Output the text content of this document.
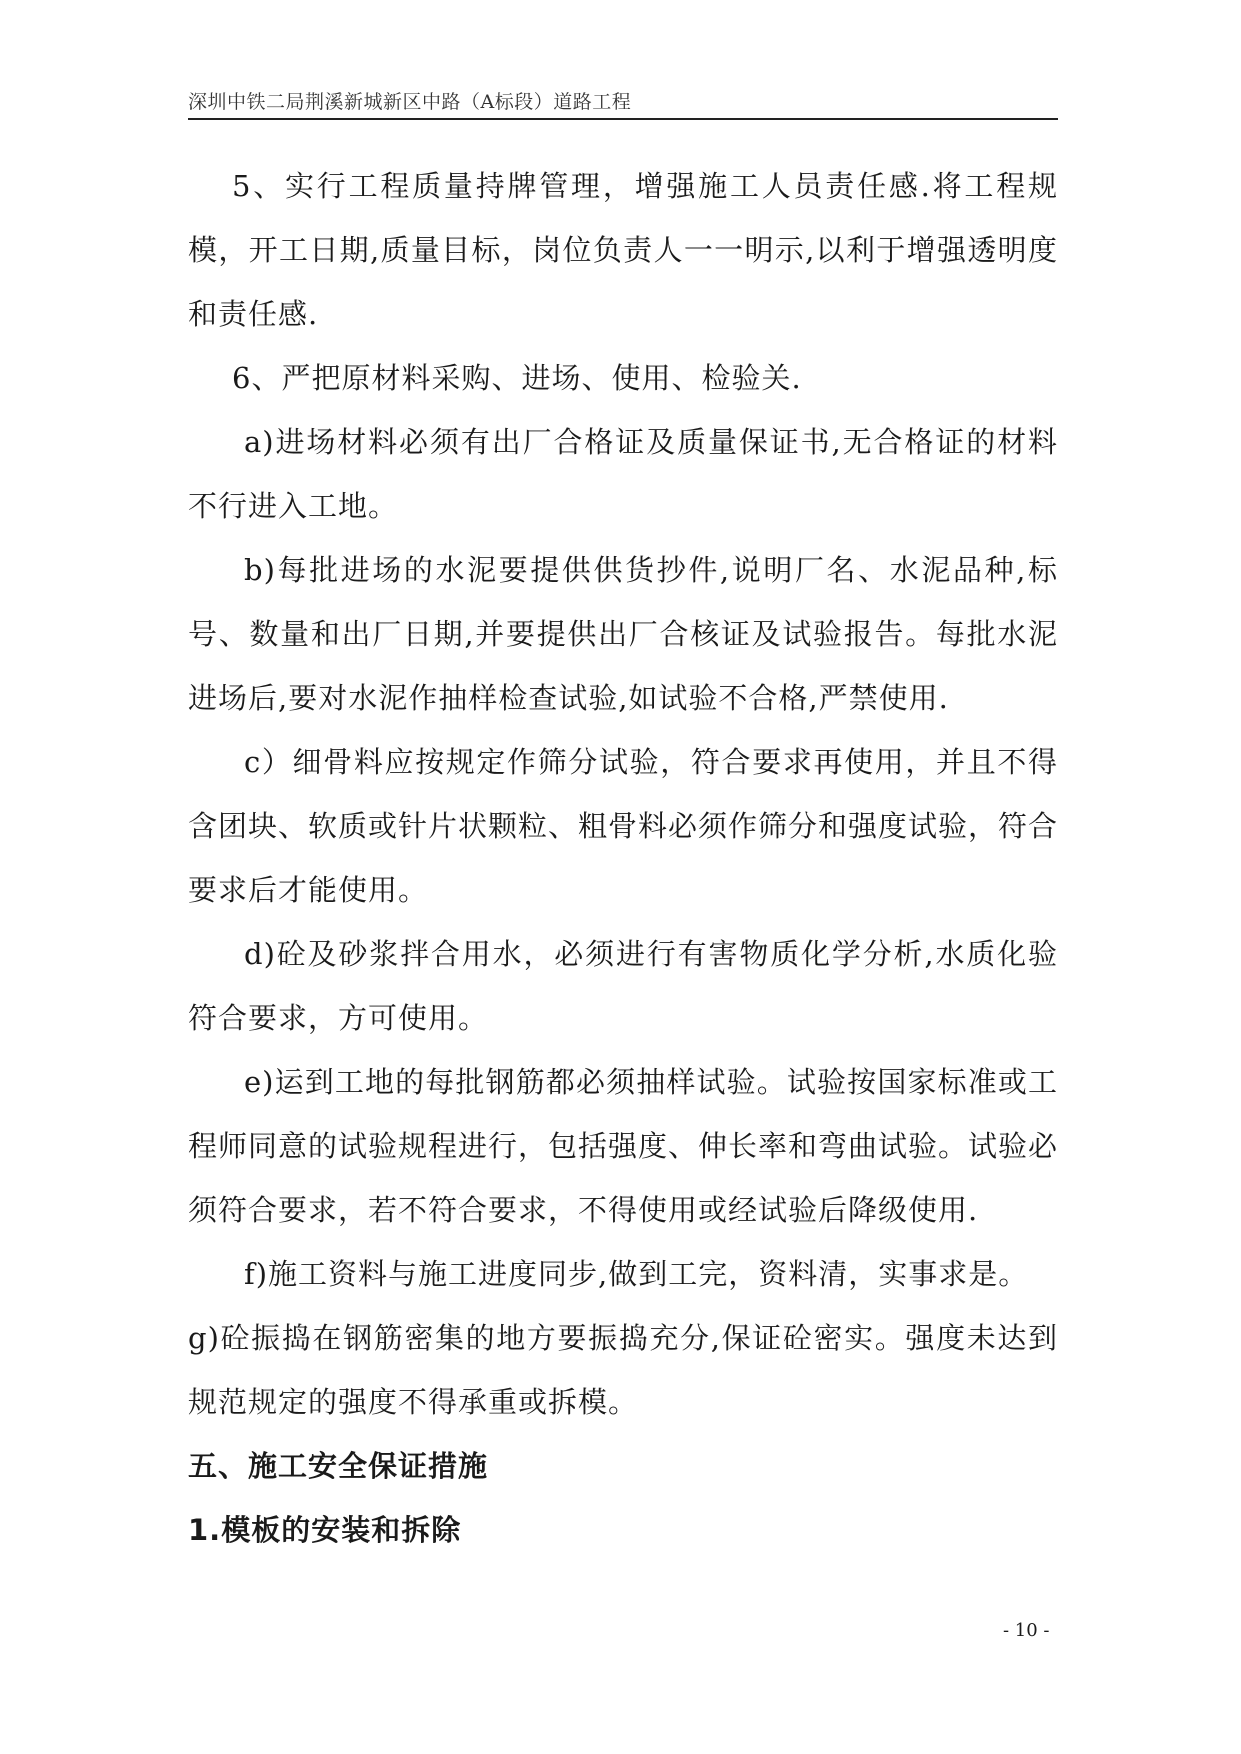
深圳中铁二局荆溪新城新区中路（A标段）道路工程

5、实行工程质量持牌管理，增强施工人员责任感.将工程规模，开工日期,质量目标，岗位负责人一一明示,以利于增强透明度和责任感.

6、严把原材料采购、进场、使用、检验关.

a)进场材料必须有出厂合格证及质量保证书,无合格证的材料不行进入工地。

b)每批进场的水泥要提供供货抄件,说明厂名、水泥品种,标号、数量和出厂日期,并要提供出厂合核证及试验报告。每批水泥进场后,要对水泥作抽样检查试验,如试验不合格,严禁使用.

c）细骨料应按规定作筛分试验，符合要求再使用，并且不得含团块、软质或针片状颗粒、粗骨料必须作筛分和强度试验，符合要求后才能使用。

d)砼及砂浆拌合用水，必须进行有害物质化学分析,水质化验符合要求，方可使用。

e)运到工地的每批钢筋都必须抽样试验。试验按国家标准或工程师同意的试验规程进行，包括强度、伸长率和弯曲试验。试验必须符合要求，若不符合要求，不得使用或经试验后降级使用.

f)施工资料与施工进度同步,做到工完，资料清，实事求是。

g)砼振捣在钢筋密集的地方要振捣充分,保证砼密实。强度未达到规范规定的强度不得承重或拆模。

五、施工安全保证措施
1.模板的安装和拆除
- 10 -
